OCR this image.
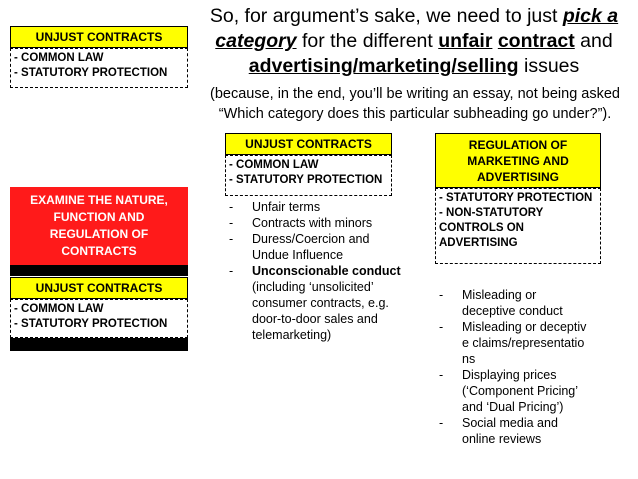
UNJUST CONTRACTS
- COMMON LAW
- STATUTORY PROTECTION
So, for argument’s sake, we need to just pick a category for the different unfair contract and advertising/marketing/selling issues
(because, in the end, you’ll be writing an essay, not being asked “Which category does this particular subheading go under?”).
EXAMINE THE NATURE, FUNCTION AND REGULATION OF CONTRACTS
UNJUST CONTRACTS
- COMMON LAW
- STATUTORY PROTECTION
UNJUST CONTRACTS
- COMMON LAW
- STATUTORY PROTECTION
- Unfair terms
- Contracts with minors
- Duress/Coercion and Undue Influence
- Unconscionable conduct (including ‘unsolicited’ consumer contracts, e.g. door-to-door sales and telemarketing)
REGULATION OF MARKETING AND ADVERTISING
- STATUTORY PROTECTION
- NON-STATUTORY CONTROLS ON ADVERTISING
- Misleading or deceptive conduct
- Misleading or deceptive claims/representations
- Displaying prices (‘Component Pricing’ and ‘Dual Pricing’)
- Social media and online reviews
